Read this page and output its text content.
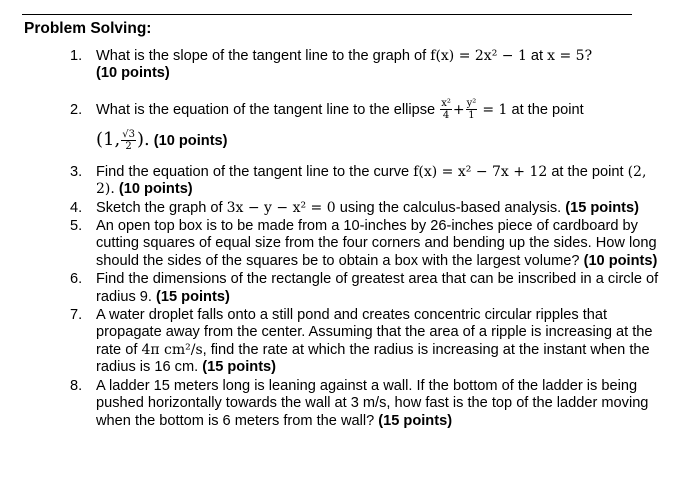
Problem Solving:
1. What is the slope of the tangent line to the graph of f(x) = 2x² − 1 at x = 5?
(10 points)
2. What is the equation of the tangent line to the ellipse $\frac{\text{x²}}{4} + \frac{\text{y²}}{1} = 1$ at the point
(1, $\frac{√3}{2}$ ). (10 points)
3. Find the equation of the tangent line to the curve f(x) = x² − 7x + 12 at the point (2, 2). (10 points)
4. Sketch the graph of 3x − y − x² = 0 using the calculus-based analysis. (15 points)
5. An open top box is to be made from a 10-inches by 26-inches piece of cardboard by cutting squares of equal size from the four corners and bending up the sides. How long should the sides of the squares be to obtain a box with the largest volume? (10 points)
6. Find the dimensions of the rectangle of greatest area that can be inscribed in a circle of radius 9. (15 points)
7. A water droplet falls onto a still pond and creates concentric circular ripples that propagate away from the center. Assuming that the area of a ripple is increasing at the rate of 4π cm²/s, find the rate at which the radius is increasing at the instant when the radius is 16 cm. (15 points)
8. A ladder 15 meters long is leaning against a wall. If the bottom of the ladder is being pushed horizontally towards the wall at 3 m/s, how fast is the top of the ladder moving when the bottom is 6 meters from the wall? (15 points)
